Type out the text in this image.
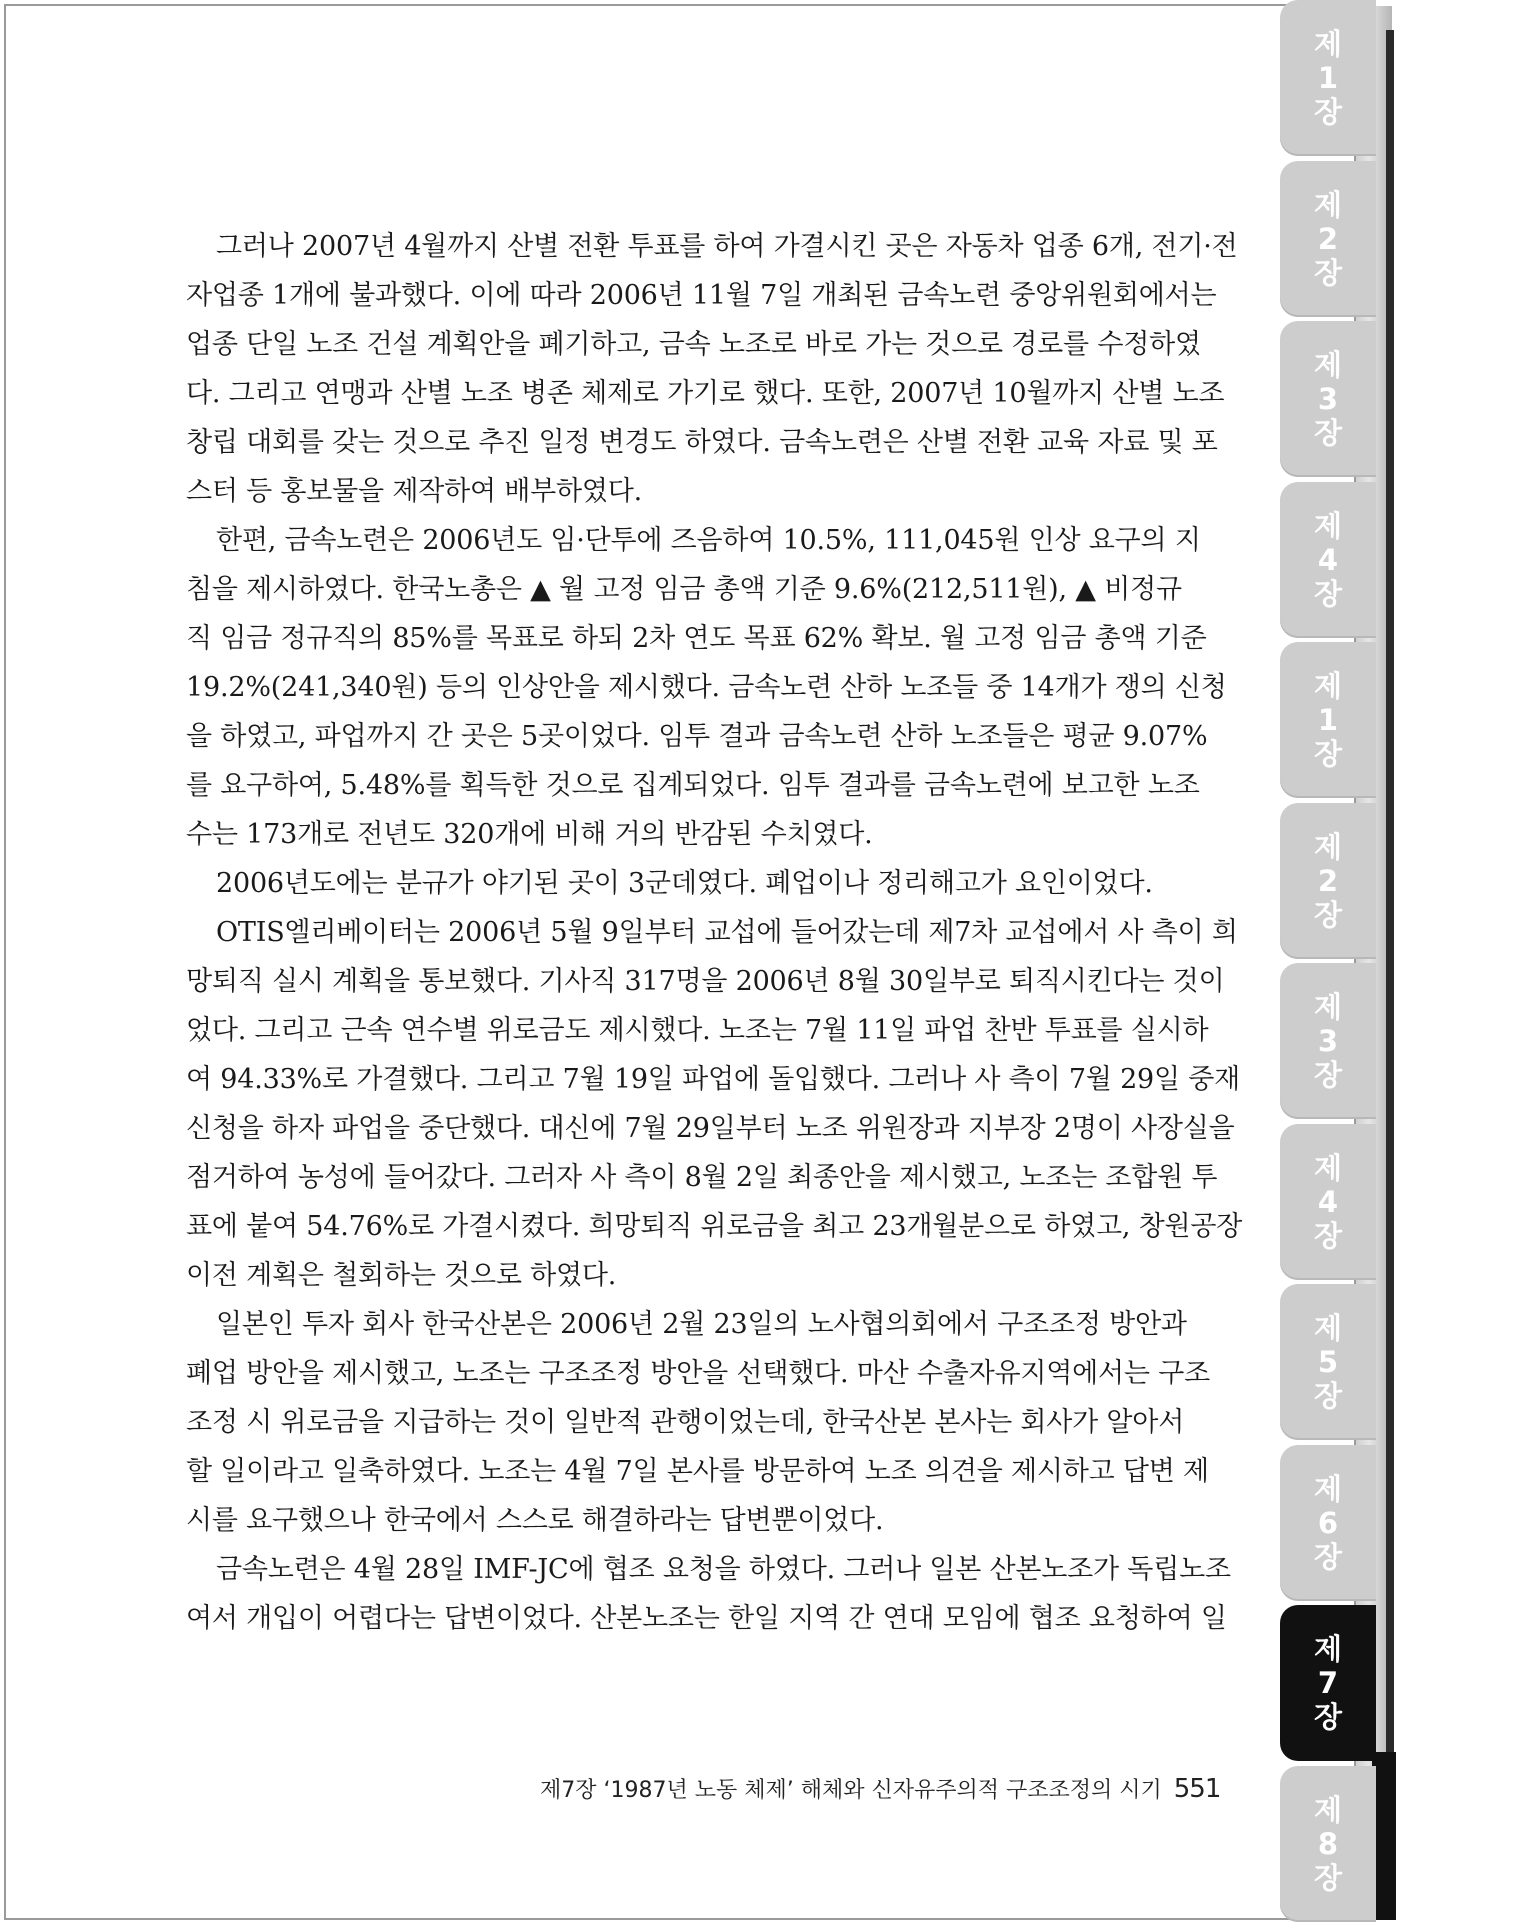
제
1
장
제
2
장
제
3
장
제
4
장
제
1
장
제
2
장
제
3
장
제
4
장
제
5
장
제
6
장
제
7
장
제
8
장
그러나 2007년 4월까지 산별 전환 투표를 하여 가결시킨 곳은 자동차 업종 6개, 전기·전
자업종 1개에 불과했다. 이에 따라 2006년 11월 7일 개최된 금속노련 중앙위원회에서는
업종 단일 노조 건설 계획안을 폐기하고, 금속 노조로 바로 가는 것으로 경로를 수정하였
다. 그리고 연맹과 산별 노조 병존 체제로 가기로 했다. 또한, 2007년 10월까지 산별 노조
창립 대회를 갖는 것으로 추진 일정 변경도 하였다. 금속노련은 산별 전환 교육 자료 및 포
스터 등 홍보물을 제작하여 배부하였다.
한편, 금속노련은 2006년도 임·단투에 즈음하여 10.5%, 111,045원 인상 요구의 지
침을 제시하였다. 한국노총은 ▲ 월 고정 임금 총액 기준 9.6%(212,511원), ▲ 비정규
직 임금 정규직의 85%를 목표로 하되 2차 연도 목표 62% 확보. 월 고정 임금 총액 기준
19.2%(241,340원) 등의 인상안을 제시했다. 금속노련 산하 노조들 중 14개가 쟁의 신청
을 하였고, 파업까지 간 곳은 5곳이었다. 임투 결과 금속노련 산하 노조들은 평균 9.07%
를 요구하여, 5.48%를 획득한 것으로 집계되었다. 임투 결과를 금속노련에 보고한 노조
수는 173개로 전년도 320개에 비해 거의 반감된 수치였다.
2006년도에는 분규가 야기된 곳이 3군데였다. 폐업이나 정리해고가 요인이었다.
OTIS엘리베이터는 2006년 5월 9일부터 교섭에 들어갔는데 제7차 교섭에서 사 측이 희
망퇴직 실시 계획을 통보했다. 기사직 317명을 2006년 8월 30일부로 퇴직시킨다는 것이
었다. 그리고 근속 연수별 위로금도 제시했다. 노조는 7월 11일 파업 찬반 투표를 실시하
여 94.33%로 가결했다. 그리고 7월 19일 파업에 돌입했다. 그러나 사 측이 7월 29일 중재
신청을 하자 파업을 중단했다. 대신에 7월 29일부터 노조 위원장과 지부장 2명이 사장실을
점거하여 농성에 들어갔다. 그러자 사 측이 8월 2일 최종안을 제시했고, 노조는 조합원 투
표에 붙여 54.76%로 가결시켰다. 희망퇴직 위로금을 최고 23개월분으로 하였고, 창원공장
이전 계획은 철회하는 것으로 하였다.
일본인 투자 회사 한국산본은 2006년 2월 23일의 노사협의회에서 구조조정 방안과
폐업 방안을 제시했고, 노조는 구조조정 방안을 선택했다. 마산 수출자유지역에서는 구조
조정 시 위로금을 지급하는 것이 일반적 관행이었는데, 한국산본 본사는 회사가 알아서
할 일이라고 일축하였다. 노조는 4월 7일 본사를 방문하여 노조 의견을 제시하고 답변 제
시를 요구했으나 한국에서 스스로 해결하라는 답변뿐이었다.
금속노련은 4월 28일 IMF-JC에 협조 요청을 하였다. 그러나 일본 산본노조가 독립노조
여서 개입이 어렵다는 답변이었다. 산본노조는 한일 지역 간 연대 모임에 협조 요청하여 일
제7장 ‘1987년 노동 체제’ 해체와 신자유주의적 구조조정의 시기 551
